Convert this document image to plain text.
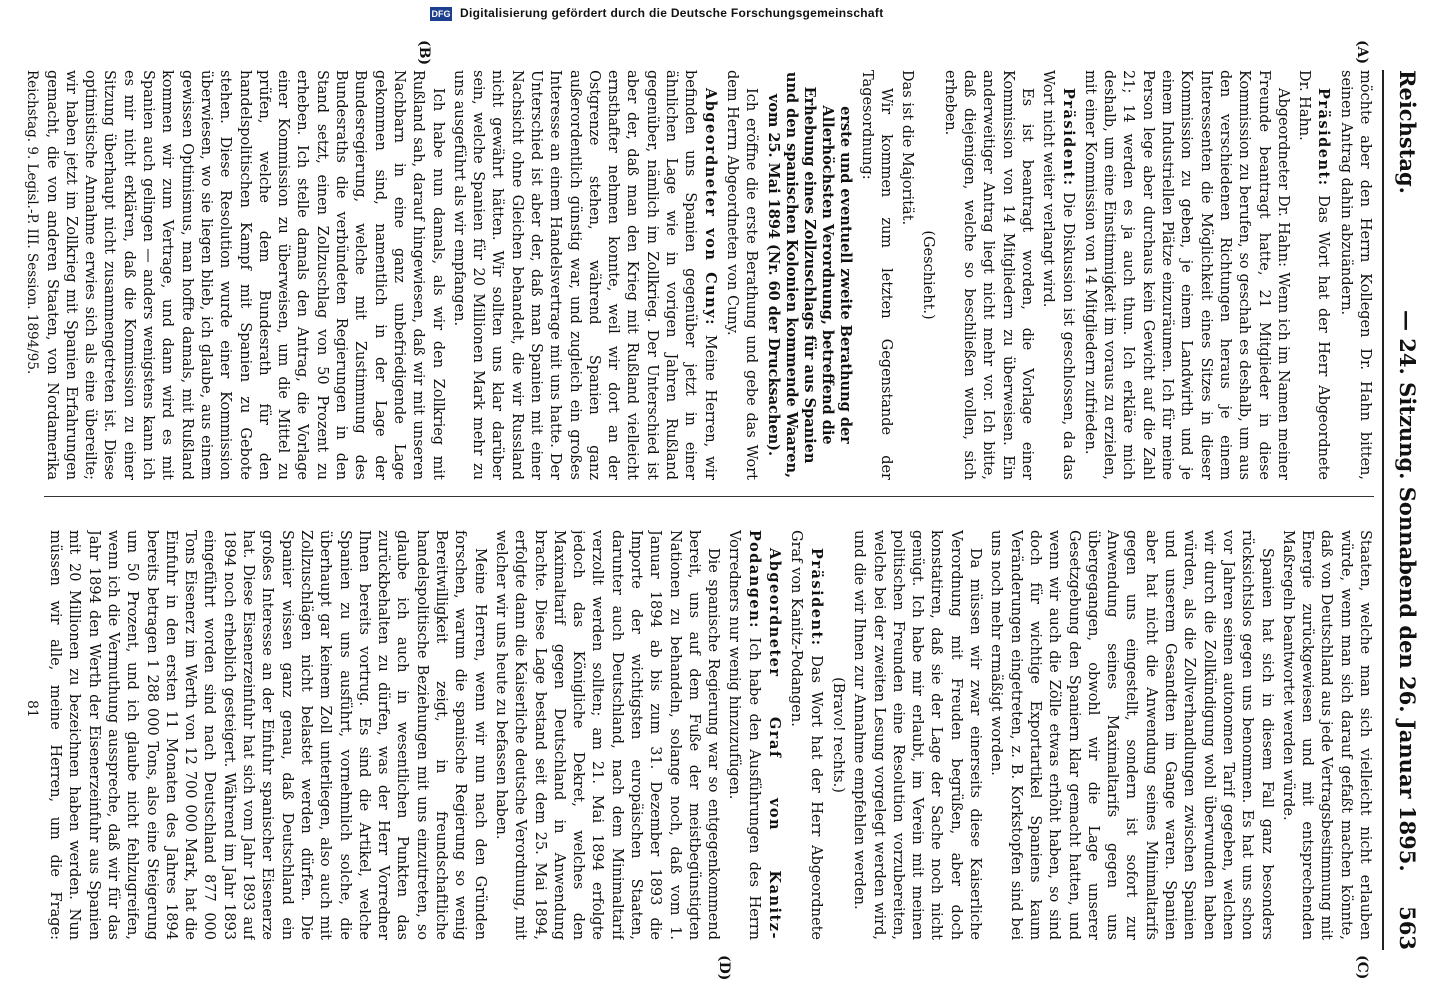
Reichstag.
— 24. Sitzung. Sonnabend den 26. Januar 1895.
563
(A)
(B)
(C)
(D)

möchte aber den Herrn Kollegen Dr. Hahn bitten, seinen Antrag dahin abzuändern.

Präsident: Das Wort hat der Herr Abgeordnete Dr. Hahn.

Abgeordneter Dr. Hahn: Wenn ich im Namen meiner Freunde beantragt hatte, 21 Mitglieder in diese Kommission zu berufen, so geschah es deshalb, um aus den verschiedenen Richtungen heraus je einem Interessenten die Möglichkeit eines Sitzes in dieser Kommission zu geben, je einem Landwirth und je einem Industriellen Plätze einzuräumen. Ich für meine Person lege aber durchaus kein Gewicht auf die Zahl 21; 14 werden es ja auch thun. Ich erkläre mich deshalb, um eine Einstimmigkeit im voraus zu erzielen, mit einer Kommission von 14 Mitgliedern zufrieden.

Präsident: Die Diskussion ist geschlossen, da das Wort nicht weiter verlangt wird.

Es ist beantragt worden, die Vorlage einer Kommission von 14 Mitgliedern zu überweisen. Ein anderweitiger Antrag liegt nicht mehr vor. Ich bitte, daß diejenigen, welche so beschließen wollen, sich erheben.

(Geschieht.)

Das ist die Majorität.

Wir kommen zum letzten Gegenstande der Tagesordnung:

erste und eventuell zweite Berathung der Allerhöchsten Verordnung, betreffend die Erhebung eines Zollzuschlags für aus Spanien und den spanischen Kolonien kommende Waaren, vom 25. Mai 1894 (Nr. 60 der Drucksachen).

Ich eröffne die erste Berathung und gebe das Wort dem Herrn Abgeordneten von Cuny.

Abgeordneter von Cuny: Meine Herren, wir befinden uns Spanien gegenüber jetzt in einer ähnlichen Lage wie in vorigen Jahren Rußland gegenüber, nämlich im Zollkrieg. Der Unterschied ist aber der, daß man den Krieg mit Rußland vielleicht ernsthafter nehmen konnte, weil wir dort an der Ostgrenze stehen, während Spanien ganz außerordentlich günstig war, und zugleich ein großes Interesse an einem Handelsvertrage mit uns hatte. Der Unterschied ist aber der, daß man Spanien mit einer Nachsicht ohne Gleichen behandelt, die wir Russland nicht gewährt hätten. Wir sollten uns klar darüber sein, welche Spanien für 20 Millionen Mark mehr zu uns ausgeführt als wir empfangen.

Ich habe nun damals, als wir den Zollkrieg mit Rußland sah, darauf hingewiesen, daß wir mit unseren Nachbarn in eine ganz unbefriedigende Lage gekommen sind, namentlich in der Lage der Bundesregierung, welche mit Zustimmung des Bundesraths die verbündeten Regierungen in den Stand setzt, einen Zollzuschlag von 50 Prozent zu erheben. Ich stelle damals den Antrag, die Vorlage einer Kommission zu überweisen, um die Mittel zu prüfen, welche dem Bundesrath für den handelspolitischen Kampf mit Spanien zu Gebote stehen. Diese Resolution wurde einer Kommission überwiesen, wo sie liegen blieb, ich glaube, aus einem gewissen Optimismus, man hoffte damals, mit Rußland kommen wir zum Vertrage, und dann wird es mit Spanien auch gelingen — anders wenigstens kann ich es mir nicht erklären, daß die Kommission zu einer Sitzung überhaupt nicht zusammengetreten ist. Diese optimistische Annahme erwies sich als eine übereilte; wir haben jetzt im Zollkrieg mit Spanien Erfahrungen gemacht, die von anderen Staaten, von Nordamerika

Staaten, welche man sich vielleicht nicht erlauben würde, wenn man sich darauf gefaßt machen könnte, daß von Deutschland aus jede Vertragsbestimmung mit Energie zurückgewiesen und mit entsprechenden Maßregeln beantwortet werden würde.

Spanien hat sich in diesem Fall ganz besonders rücksichtslos gegen uns benommen. Es hat uns schon vor Jahren seinen autonomen Tarif gegeben, welchen wir durch die Zollkündigung wohl überwunden haben würden, als die Zollverhandlungen zwischen Spanien und unserem Gesandten im Gange waren. Spanien aber hat nicht die Anwendung seines Minimaltarifs gegen uns eingestellt, sondern ist sofort zur Anwendung seines Maximaltarifs gegen uns übergegangen, obwohl wir die Lage unserer Gesetzgebung den Spaniern klar gemacht hatten, und wenn wir auch die Zölle etwas erhöht haben, so sind doch für wichtige Exportartikel Spaniens kaum Veränderungen eingetreten, z. B. Korkstopfen sind bei uns noch mehr ermäßigt worden.

Da müssen wir zwar einerseits diese Kaiserliche Verordnung mit Freuden begrüßen, aber doch konstatiren, daß sie der Lage der Sache noch nicht genügt. Ich habe mir erlaubt, im Verein mit meinen politischen Freunden eine Resolution vorzubereiten, welche bei der zweiten Lesung vorgelegt werden wird, und die wir Ihnen zur Annahme empfehlen werden.

(Bravo! rechts.)

Präsident: Das Wort hat der Herr Abgeordnete Graf von Kanitz-Podangen.

Abgeordneter Graf von Kanitz-Podangen: Ich habe den Ausführungen des Herrn Vorredners nur wenig hinzuzufügen.

Die spanische Regierung war so entgegenkommend bereit, uns auf dem Fuße der meistbegünstigten Nationen zu behandeln, solange noch, daß vom 1. Januar 1894 ab bis zum 31. Dezember 1893 die Importe der wichtigsten europäischen Staaten, darunter auch Deutschland, nach dem Minimaltarif verzollt werden sollten; am 21. Mai 1894 erfolgte jedoch das Königliche Dekret, welches den Maximaltarif gegen Deutschland in Anwendung brachte. Diese Lage bestand seit dem 25. Mai 1894, erfolgte dann die Kaiserliche deutsche Verordnung, mit welcher wir uns heute zu befassen haben.

Meine Herren, wenn wir nun nach den Gründen forschen, warum die spanische Regierung so wenig Bereitwilligkeit zeigt, in freundschaftliche handelspolitische Beziehungen mit uns einzutreten, so glaube ich auch in wesentlichen Punkten das zurückbehalten zu dürfen, was der Herr Vorredner Ihnen bereits vortrug. Es sind die Artikel, welche Spanien zu uns ausführt, vornehmlich solche, die überhaupt gar keinem Zoll unterliegen, also auch mit Zollzuschlägen nicht belastet werden dürfen. Die Spanier wissen ganz genau, daß Deutschland ein großes Interesse an der Einfuhr spanischer Eisenerze hat. Diese Eisenerzeinfuhr hat sich vom Jahr 1893 auf 1894 noch erheblich gesteigert. Während im Jahr 1893 eingeführt worden sind nach Deutschland 877 000 Tons Eisenerz im Werth von 12 700 000 Mark, hat die Einfuhr in den ersten 11 Monaten des Jahres 1894 bereits betragen 1 288 000 Tons, also eine Steigerung um 50 Prozent, und ich glaube nicht fehlzugreifen, wenn ich die Vermuthung ausspreche, daß wir für das Jahr 1894 den Werth der Eisenerzeinfuhr aus Spanien mit 20 Millionen zu bezeichnen haben werden. Nun müssen wir alle, meine Herren, um die Frage:

Reichstag. 9. Legisl.-P. III. Session. 1894/95.
81
DFG Digitalisierung gefördert durch die Deutsche Forschungsgemeinschaft
